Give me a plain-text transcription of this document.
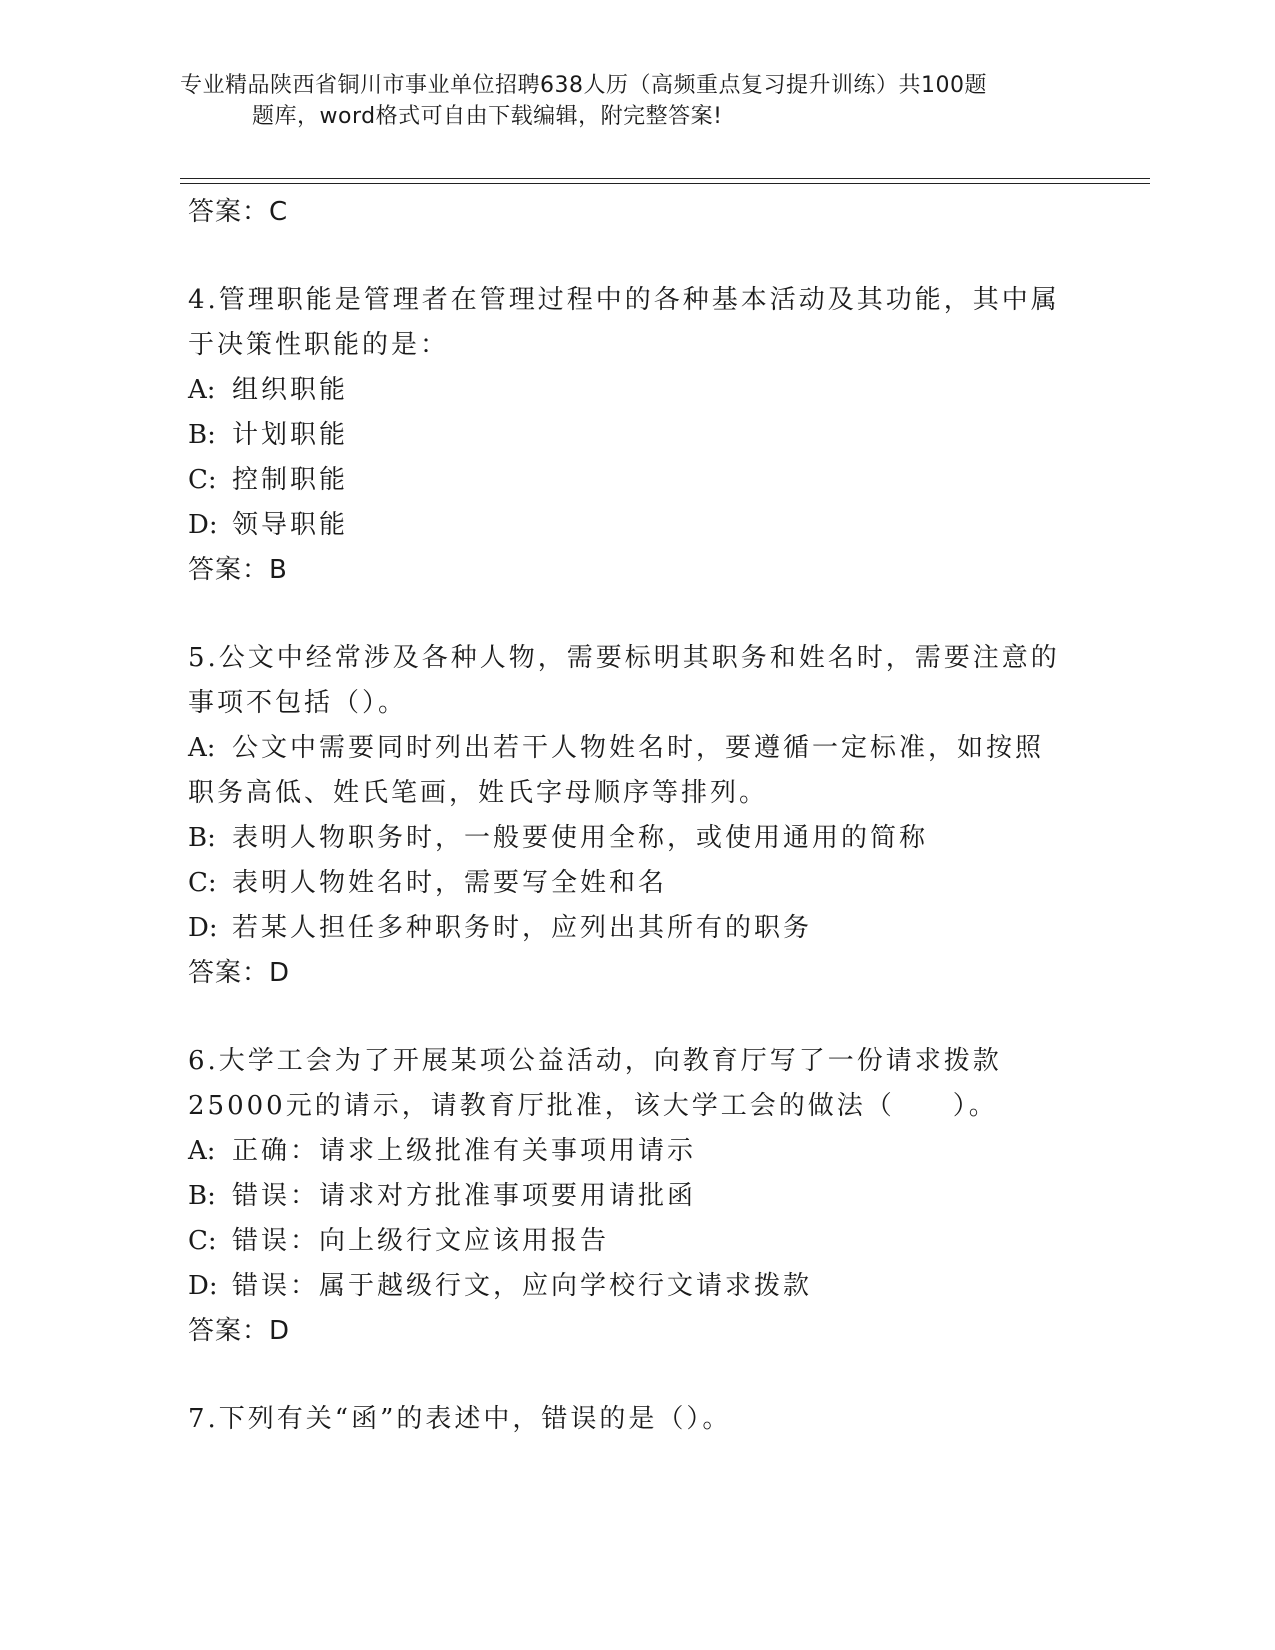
专业精品陕西省铜川市事业单位招聘638人历（高频重点复习提升训练）共100题
题库，word格式可自由下载编辑，附完整答案!
答案：C
4.管理职能是管理者在管理过程中的各种基本活动及其功能，其中属于决策性职能的是：
A: 组织职能
B: 计划职能
C: 控制职能
D: 领导职能
答案：B
5.公文中经常涉及各种人物，需要标明其职务和姓名时，需要注意的事项不包括（）。
A: 公文中需要同时列出若干人物姓名时，要遵循一定标准，如按照职务高低、姓氏笔画，姓氏字母顺序等排列。
B: 表明人物职务时，一般要使用全称，或使用通用的简称
C: 表明人物姓名时，需要写全姓和名
D: 若某人担任多种职务时，应列出其所有的职务
答案：D
6.大学工会为了开展某项公益活动，向教育厅写了一份请求拨款25000元的请示，请教育厅批准，该大学工会的做法（　　）。
A: 正确：请求上级批准有关事项用请示
B: 错误：请求对方批准事项要用请批函
C: 错误：向上级行文应该用报告
D: 错误：属于越级行文，应向学校行文请求拨款
答案：D
7.下列有关“函”的表述中，错误的是（）。
